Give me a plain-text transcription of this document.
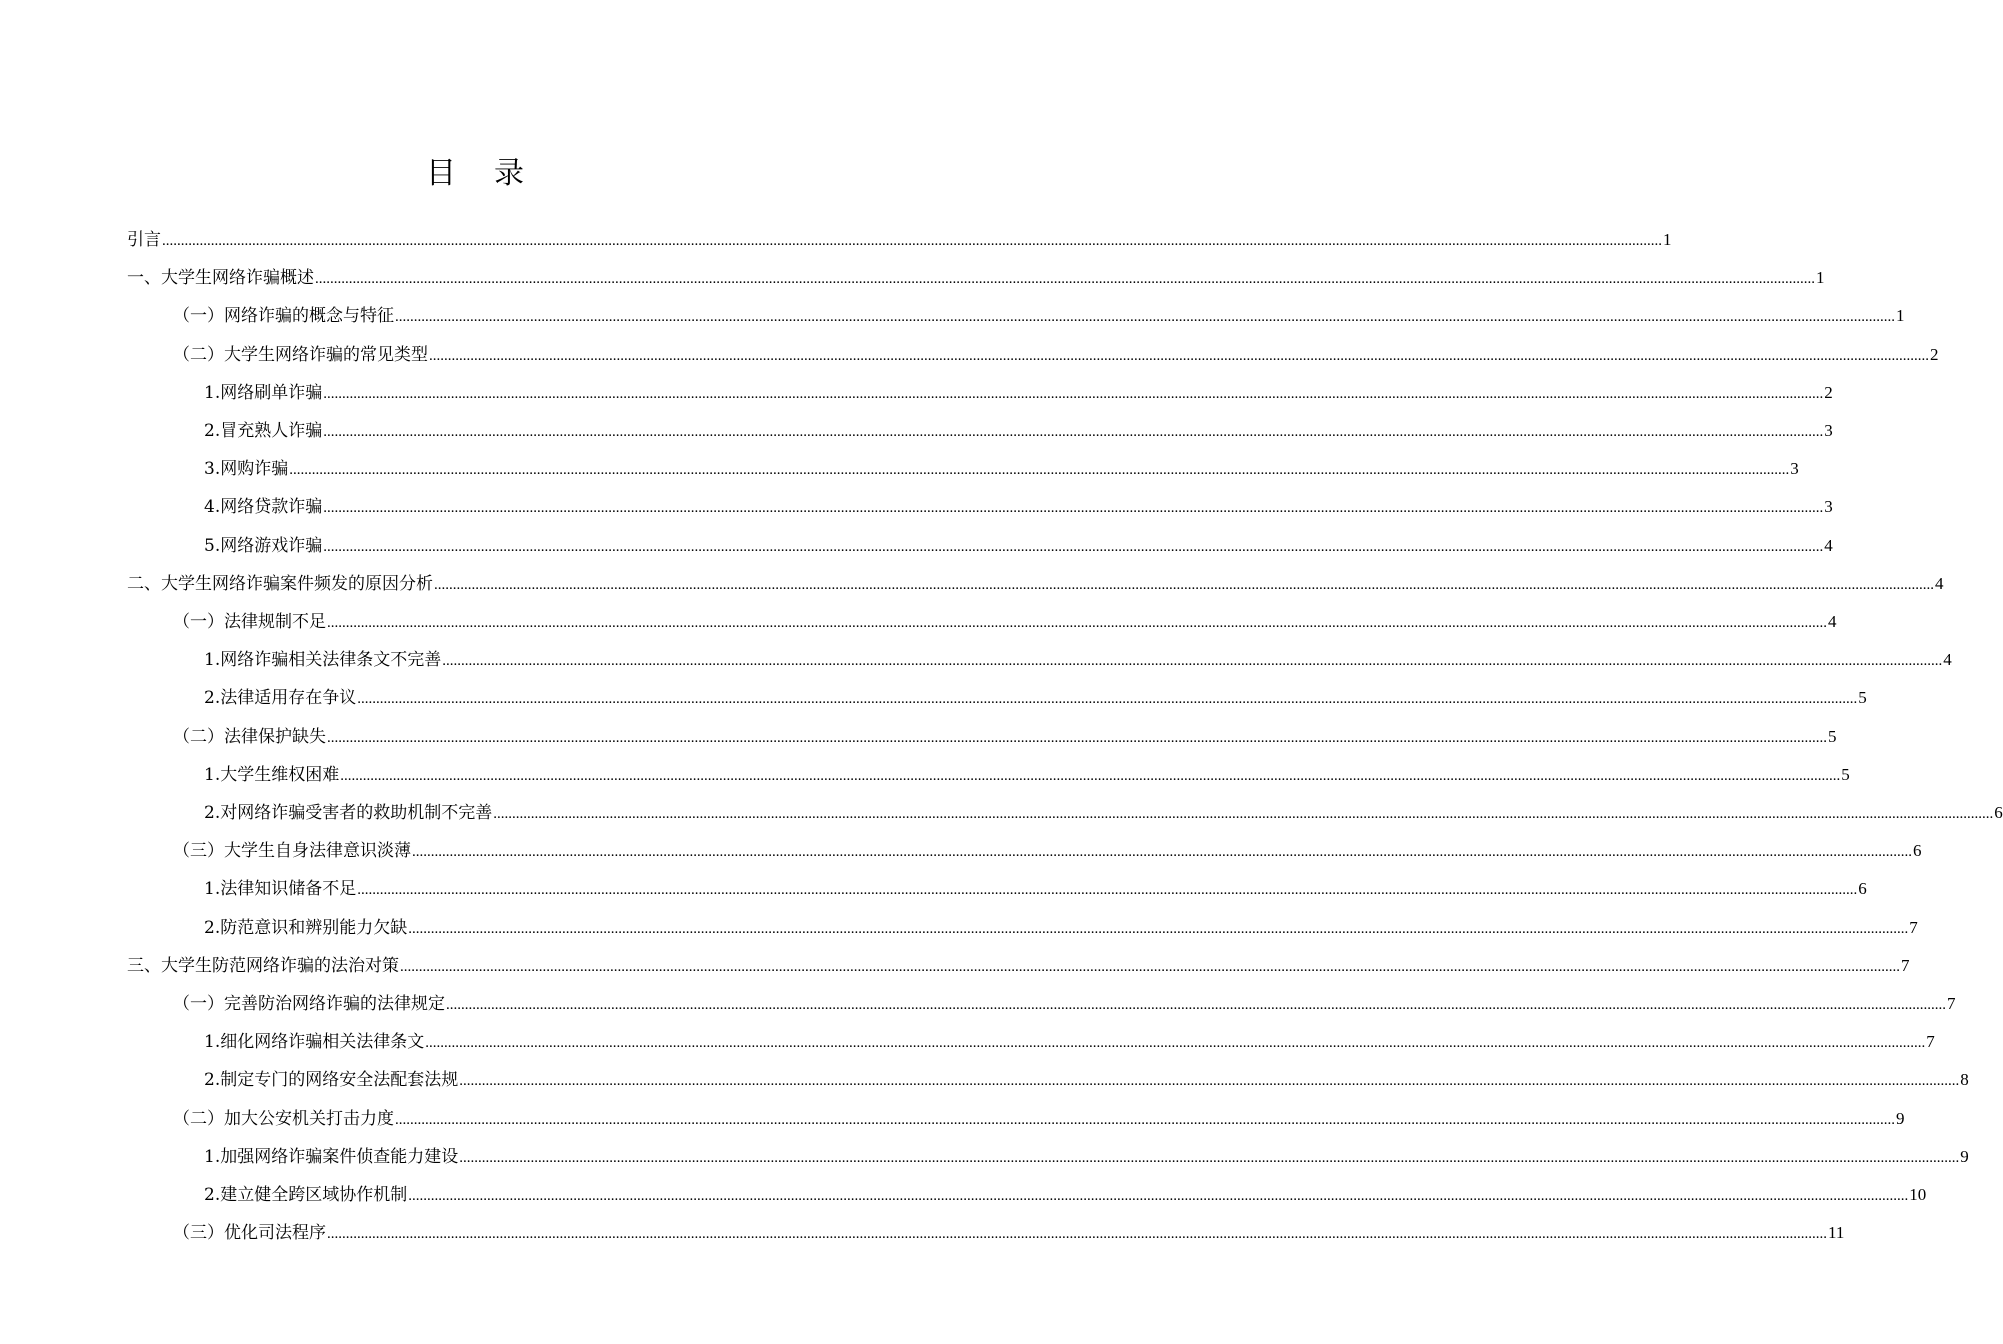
目 录
引言 ................................................................................................................................................................................................................................................................................................................................................................................................................ 1
一、 大学生网络诈骗概述 ................................................................................................................................................................................................................................................................................................................................................................................................................ 1
（一） 网络诈骗的概念与特征 ................................................................................................................................................................................................................................................................................................................................................................................................................ 1
（二） 大学生网络诈骗的常见类型 ................................................................................................................................................................................................................................................................................................................................................................................................................ 2
1. 网络刷单诈骗 ................................................................................................................................................................................................................................................................................................................................................................................................................ 2
2. 冒充熟人诈骗 ................................................................................................................................................................................................................................................................................................................................................................................................................ 3
3. 网购诈骗 ................................................................................................................................................................................................................................................................................................................................................................................................................ 3
4. 网络贷款诈骗 ................................................................................................................................................................................................................................................................................................................................................................................................................ 3
5. 网络游戏诈骗 ................................................................................................................................................................................................................................................................................................................................................................................................................ 4
二、 大学生网络诈骗案件频发的原因分析 ................................................................................................................................................................................................................................................................................................................................................................................................................ 4
（一） 法律规制不足 ................................................................................................................................................................................................................................................................................................................................................................................................................ 4
1. 网络诈骗相关法律条文不完善 ................................................................................................................................................................................................................................................................................................................................................................................................................ 4
2. 法律适用存在争议 ................................................................................................................................................................................................................................................................................................................................................................................................................ 5
（二） 法律保护缺失 ................................................................................................................................................................................................................................................................................................................................................................................................................ 5
1. 大学生维权困难 ................................................................................................................................................................................................................................................................................................................................................................................................................ 5
2. 对网络诈骗受害者的救助机制不完善 ................................................................................................................................................................................................................................................................................................................................................................................................................ 6
（三） 大学生自身法律意识淡薄 ................................................................................................................................................................................................................................................................................................................................................................................................................ 6
1. 法律知识储备不足 ................................................................................................................................................................................................................................................................................................................................................................................................................ 6
2. 防范意识和辨别能力欠缺 ................................................................................................................................................................................................................................................................................................................................................................................................................ 7
三、 大学生防范网络诈骗的法治对策 ................................................................................................................................................................................................................................................................................................................................................................................................................ 7
（一） 完善防治网络诈骗的法律规定 ................................................................................................................................................................................................................................................................................................................................................................................................................ 7
1. 细化网络诈骗相关法律条文 ................................................................................................................................................................................................................................................................................................................................................................................................................ 7
2. 制定专门的网络安全法配套法规 ................................................................................................................................................................................................................................................................................................................................................................................................................ 8
（二） 加大公安机关打击力度 ................................................................................................................................................................................................................................................................................................................................................................................................................ 9
1. 加强网络诈骗案件侦查能力建设 ................................................................................................................................................................................................................................................................................................................................................................................................................ 9
2. 建立健全跨区域协作机制 ................................................................................................................................................................................................................................................................................................................................................................................................................ 10
（三） 优化司法程序 ................................................................................................................................................................................................................................................................................................................................................................................................................ 11
